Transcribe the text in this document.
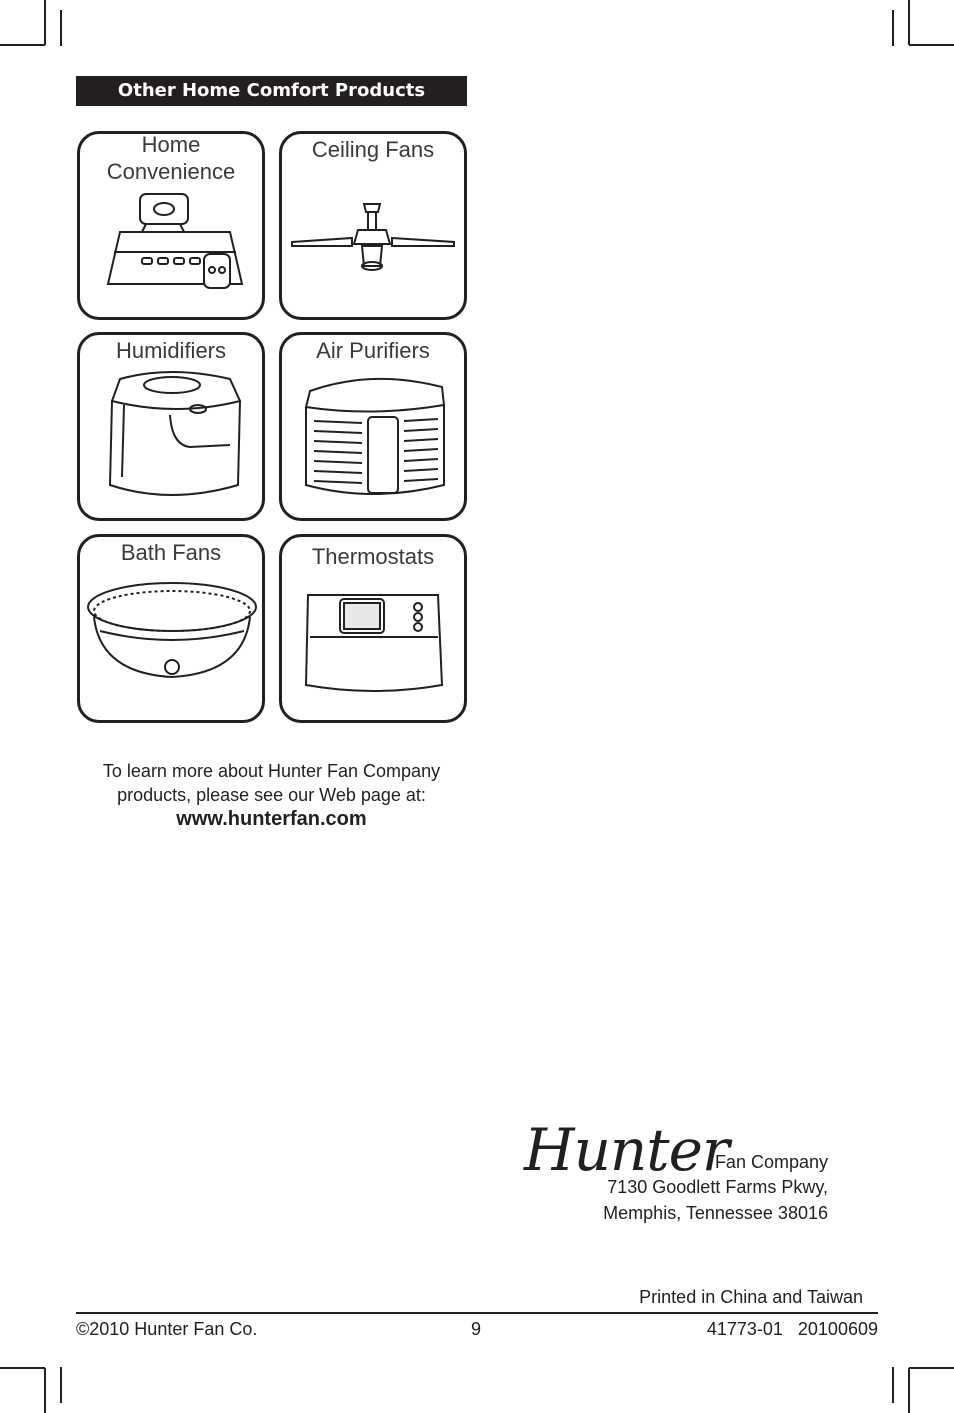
Other Home Comfort Products
Home Convenience
Ceiling Fans
Humidifiers	Air Purifiers
Bath Fans	Thermostats
To learn more about Hunter Fan Company
products, please see our Web page at:
www.hunterfan.com
Hunter
. Fan Company
7130 Goodlett Farms Pkwy,
Memphis, Tennessee 38016
Printed in China and Taiwan
©2010 Hunter Fan Co.	9	41773-01   20100609
